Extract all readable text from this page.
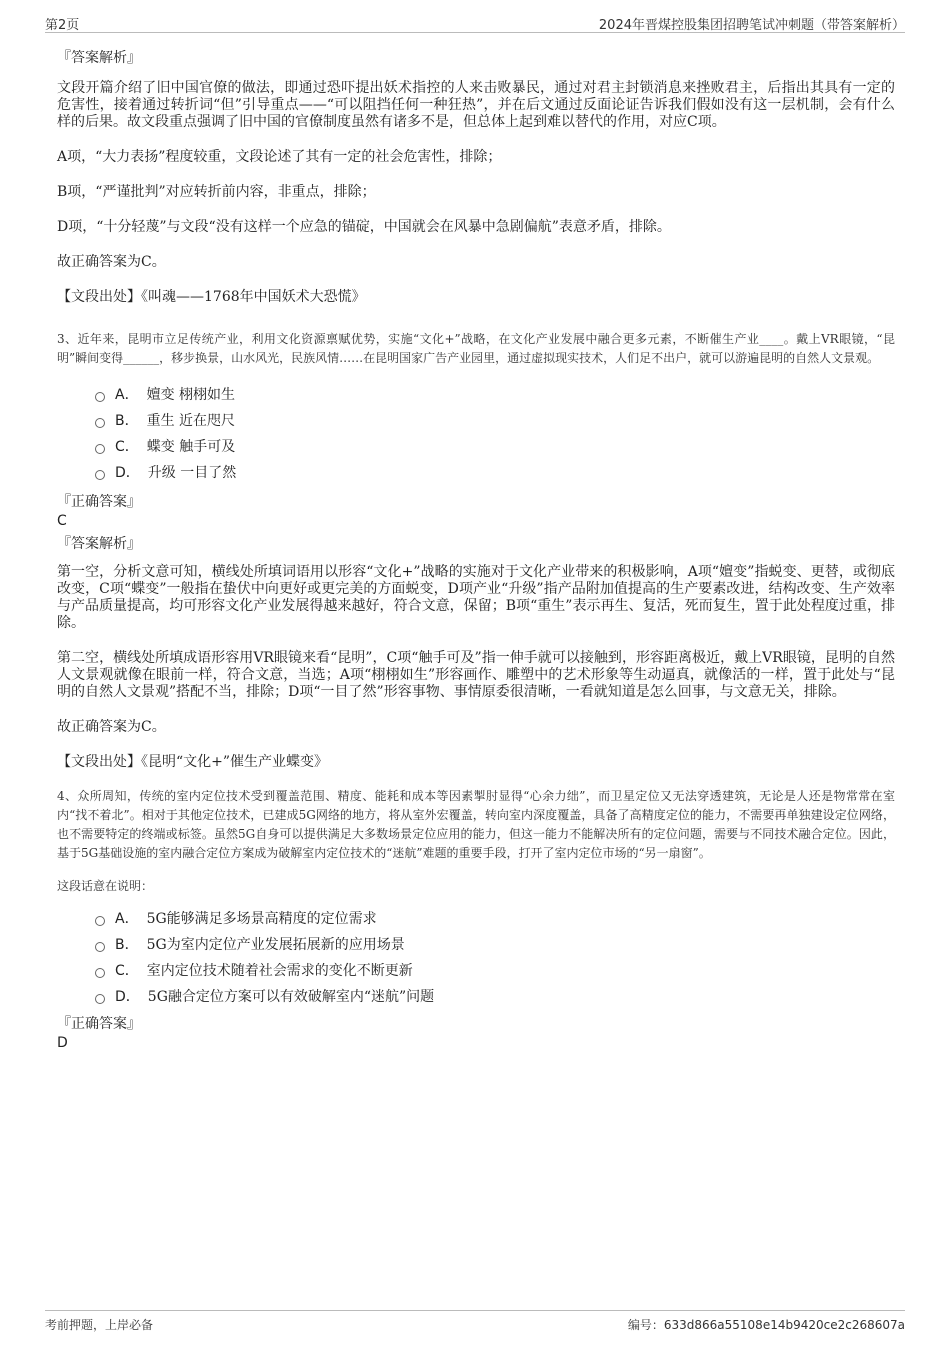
第2页	2024年晋煤控股集团招聘笔试冲刺题（带答案解析）

『答案解析』

文段开篇介绍了旧中国官僚的做法，即通过恐吓提出妖术指控的人来击败暴民，通过对君主封锁消息来挫败君主，后指出其具有一定的危害性，接着通过转折词“但”引导重点——“可以阻挡任何一种狂热”，并在后文通过反面论证告诉我们假如没有这一层机制，会有什么样的后果。故文段重点强调了旧中国的官僚制度虽然有诸多不是，但总体上起到难以替代的作用，对应C项。

A项，“大力表扬”程度较重，文段论述了其有一定的社会危害性，排除；

B项，“严谨批判”对应转折前内容，非重点，排除；

D项，“十分轻蔑”与文段“没有这样一个应急的锚碇，中国就会在风暴中急剧偏航”表意矛盾，排除。

故正确答案为C。

【文段出处】《叫魂——1768年中国妖术大恐慌》

3、近年来，昆明市立足传统产业，利用文化资源禀赋优势，实施“文化+”战略，在文化产业发展中融合更多元素，不断催生产业____。戴上VR眼镜，“昆明”瞬间变得______，移步换景，山水风光，民族风情……在昆明国家广告产业园里，通过虚拟现实技术，人们足不出户，就可以游遍昆明的自然人文景观。

A． 嬗变 栩栩如生
B． 重生 近在咫尺
C． 蝶变 触手可及
D． 升级 一目了然

『正确答案』

C

『答案解析』

第一空，分析文意可知，横线处所填词语用以形容“文化+”战略的实施对于文化产业带来的积极影响，A项“嬗变”指蜕变、更替，或彻底改变，C项“蝶变”一般指在蛰伏中向更好或更完美的方面蜕变，D项产业“升级”指产品附加值提高的生产要素改进，结构改变、生产效率与产品质量提高，均可形容文化产业发展得越来越好，符合文意，保留；B项“重生”表示再生、复活，死而复生，置于此处程度过重，排除。

第二空，横线处所填成语形容用VR眼镜来看“昆明”，C项“触手可及”指一伸手就可以接触到，形容距离极近，戴上VR眼镜，昆明的自然人文景观就像在眼前一样，符合文意，当选；A项“栩栩如生”形容画作、雕塑中的艺术形象等生动逼真，就像活的一样，置于此处与“昆明的自然人文景观”搭配不当，排除；D项“一目了然”形容事物、事情原委很清晰，一看就知道是怎么回事，与文意无关，排除。

故正确答案为C。

【文段出处】《昆明“文化+”催生产业蝶变》

4、众所周知，传统的室内定位技术受到覆盖范围、精度、能耗和成本等因素掣肘显得“心余力绌”，而卫星定位又无法穿透建筑，无论是人还是物常常在室内“找不着北”。相对于其他定位技术，已建成5G网络的地方，将从室外宏覆盖，转向室内深度覆盖，具备了高精度定位的能力，不需要再单独建设定位网络，也不需要特定的终端或标签。虽然5G自身可以提供满足大多数场景定位应用的能力，但这一能力不能解决所有的定位问题，需要与不同技术融合定位。因此，基于5G基础设施的室内融合定位方案成为破解室内定位技术的“迷航”难题的重要手段，打开了室内定位市场的“另一扇窗”。

这段话意在说明：

A． 5G能够满足多场景高精度的定位需求
B． 5G为室内定位产业发展拓展新的应用场景
C． 室内定位技术随着社会需求的变化不断更新
D． 5G融合定位方案可以有效破解室内“迷航”问题

『正确答案』

D

考前押题，上岸必备	编号：633d866a55108e14b9420ce2c268607a
